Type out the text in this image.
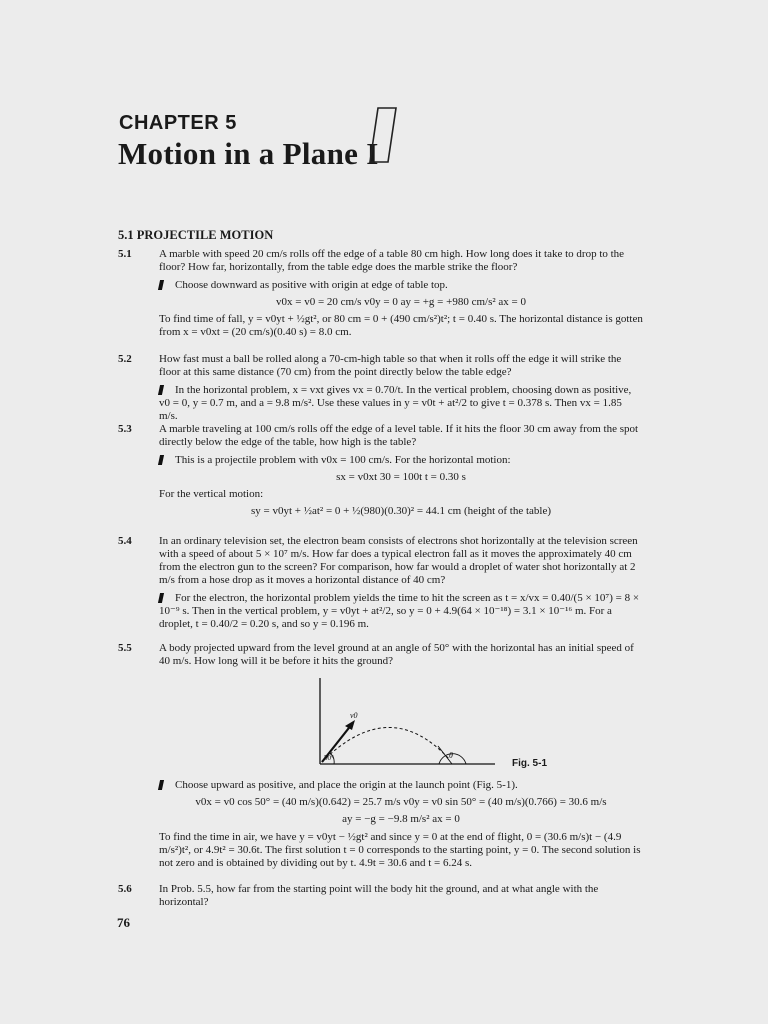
CHAPTER 5
Motion in a Plane I
5.1 PROJECTILE MOTION
5.1 A marble with speed 20 cm/s rolls off the edge of a table 80 cm high. How long does it take to drop to the floor? How far, horizontally, from the table edge does the marble strike the floor?
Choose downward as positive with origin at edge of table top.
v0x = v0 = 20 cm/s v0y = 0 ay = +g = +980 cm/s² ax = 0
To find time of fall, y = v0yt + ½gt², or 80 cm = 0 + (490 cm/s²)t²; t = 0.40 s. The horizontal distance is gotten from x = v0xt = (20 cm/s)(0.40 s) = 8.0 cm.
5.2 How fast must a ball be rolled along a 70-cm-high table so that when it rolls off the edge it will strike the floor at this same distance (70 cm) from the point directly below the table edge?
In the horizontal problem, x = vxt gives vx = 0.70/t. In the vertical problem, choosing down as positive, v0 = 0, y = 0.7 m, and a = 9.8 m/s². Use these values in y = v0t + at²/2 to give t = 0.378 s. Then vx = 1.85 m/s.
5.3 A marble traveling at 100 cm/s rolls off the edge of a level table. If it hits the floor 30 cm away from the spot directly below the edge of the table, how high is the table?
This is a projectile problem with v0x = 100 cm/s. For the horizontal motion:
sx = v0xt 30 = 100t t = 0.30 s
For the vertical motion:
sy = v0yt + ½at² = 0 + ½(980)(0.30)² = 44.1 cm (height of the table)
5.4 In an ordinary television set, the electron beam consists of electrons shot horizontally at the television screen with a speed of about 5 × 10⁷ m/s. How far does a typical electron fall as it moves the approximately 40 cm from the electron gun to the screen? For comparison, how far would a droplet of water shot horizontally at 2 m/s from a hose drop as it moves a horizontal distance of 40 cm?
For the electron, the horizontal problem yields the time to hit the screen as t = x/vx = 0.40/(5 × 10⁷) = 8 × 10⁻⁹ s. Then in the vertical problem, y = v0yt + at²/2, so y = 0 + 4.9(64 × 10⁻¹⁸) = 3.1 × 10⁻¹⁶ m. For a droplet, t = 0.40/2 = 0.20 s, and so y = 0.196 m.
5.5 A body projected upward from the level ground at an angle of 50° with the horizontal has an initial speed of 40 m/s. How long will it be before it hits the ground?
v0
50°	θ
Fig. 5-1
Choose upward as positive, and place the origin at the launch point (Fig. 5-1).
v0x = v0 cos 50° = (40 m/s)(0.642) = 25.7 m/s v0y = v0 sin 50° = (40 m/s)(0.766) = 30.6 m/s
ay = −g = −9.8 m/s² ax = 0
To find the time in air, we have y = v0yt − ½gt² and since y = 0 at the end of flight, 0 = (30.6 m/s)t − (4.9 m/s²)t², or 4.9t² = 30.6t. The first solution t = 0 corresponds to the starting point, y = 0. The second solution is not zero and is obtained by dividing out by t. 4.9t = 30.6 and t = 6.24 s.
5.6 In Prob. 5.5, how far from the starting point will the body hit the ground, and at what angle with the horizontal?
76
